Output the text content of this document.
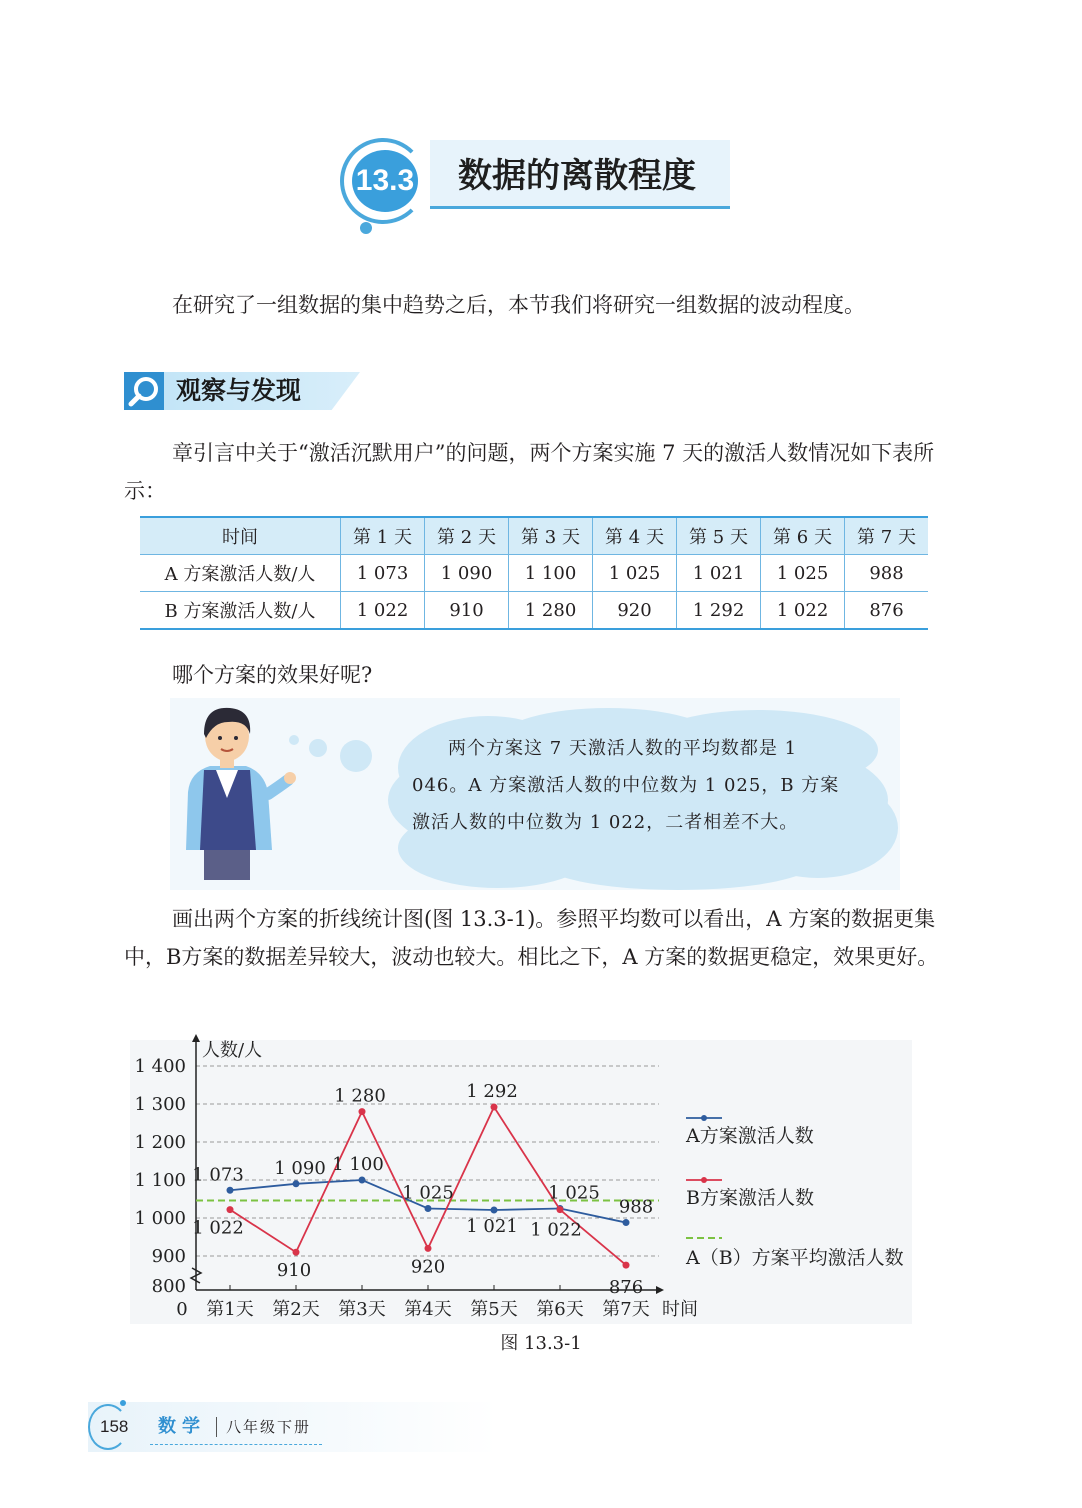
13.3	数据的离散程度
在研究了一组数据的集中趋势之后，本节我们将研究一组数据的波动程度。
观察与发现
章引言中关于“激活沉默用户”的问题，两个方案实施 7 天的激活人数情况如下表所示：
时间	第 1 天	第 2 天	第 3 天	第 4 天	第 5 天	第 6 天	第 7 天
A 方案激活人数/人	1 073	1 090	1 100	1 025	1 021	1 025	988
B 方案激活人数/人	1 022	910	1 280	920	1 292	1 022	876
哪个方案的效果好呢?
两个方案这 7 天激活人数的平均数都是 1 046。A 方案激活人数的中位数为 1 025，B 方案激活人数的中位数为 1 022，二者相差不大。
画出两个方案的折线统计图(图 13.3-1)。参照平均数可以看出，A 方案的数据更集中，B方案的数据差异较大，波动也较大。相比之下，A 方案的数据更稳定，效果更好。
800
900
1 000
1 100
1 200
1 300
1 400
第1天 第2天 第3天 第4天 第5天 第6天 第7天
0	时间
人数/人
1 073 1 090 1 100
1 025
1 021
1 025
988
1 022
910
1 280
920
1 292
1 022
876
A方案激活人数
B方案激活人数
A（B）方案平均激活人数
图 13.3-1
158 数学 八年级下册
